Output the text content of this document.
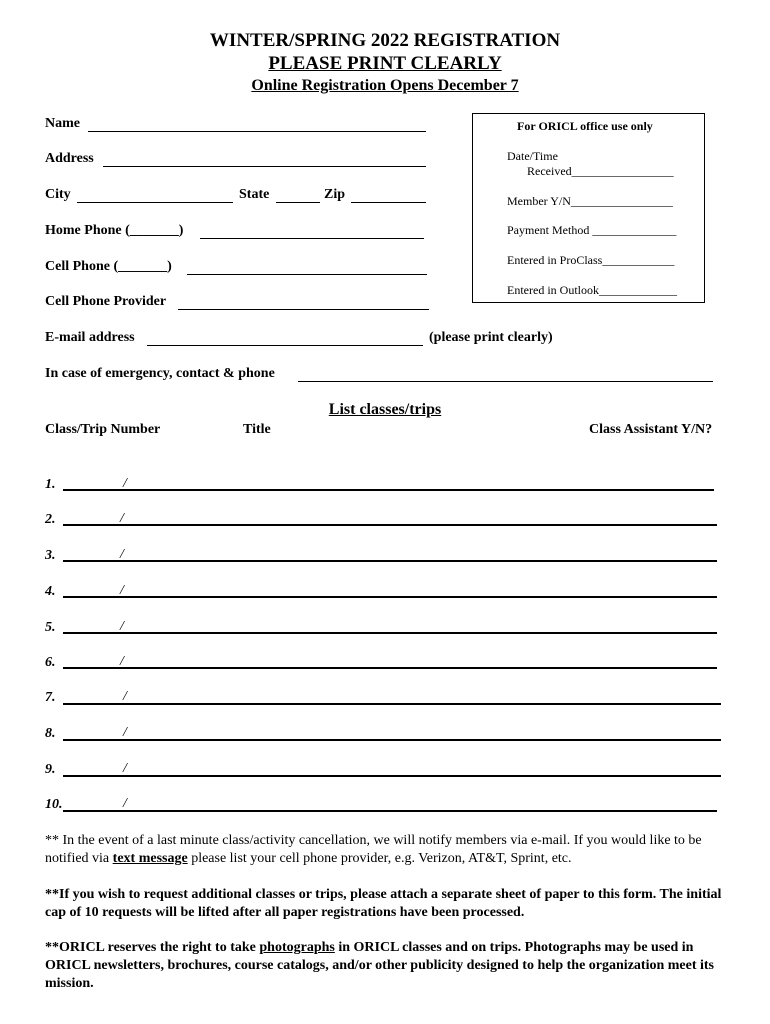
WINTER/SPRING 2022 REGISTRATION
PLEASE PRINT CLEARLY
Online Registration Opens December 7
Name
Address
City	State	Zip
Home Phone (_______)
Cell Phone (_______)
Cell Phone Provider
E-mail address	(please print clearly)
In case of emergency, contact & phone
For ORICL office use only
Date/Time
Received_________________
Member Y/N_________________
Payment Method ______________
Entered in ProClass____________
Entered in Outlook_____________
List classes/trips
Class/Trip Number	Title	Class Assistant Y/N?
1.	/
2.	/
3.	/
4.	/
5.	/
6.	/
7.	/
8.	/
9.	/
10.	/
** In the event of a last minute class/activity cancellation, we will notify members via e-mail. If you would like to be notified via text message please list your cell phone provider, e.g. Verizon, AT&T, Sprint, etc.
**If you wish to request additional classes or trips, please attach a separate sheet of paper to this form. The initial cap of 10 requests will be lifted after all paper registrations have been processed.
**ORICL reserves the right to take photographs in ORICL classes and on trips. Photographs may be used in ORICL newsletters, brochures, course catalogs, and/or other publicity designed to help the organization meet its mission.
